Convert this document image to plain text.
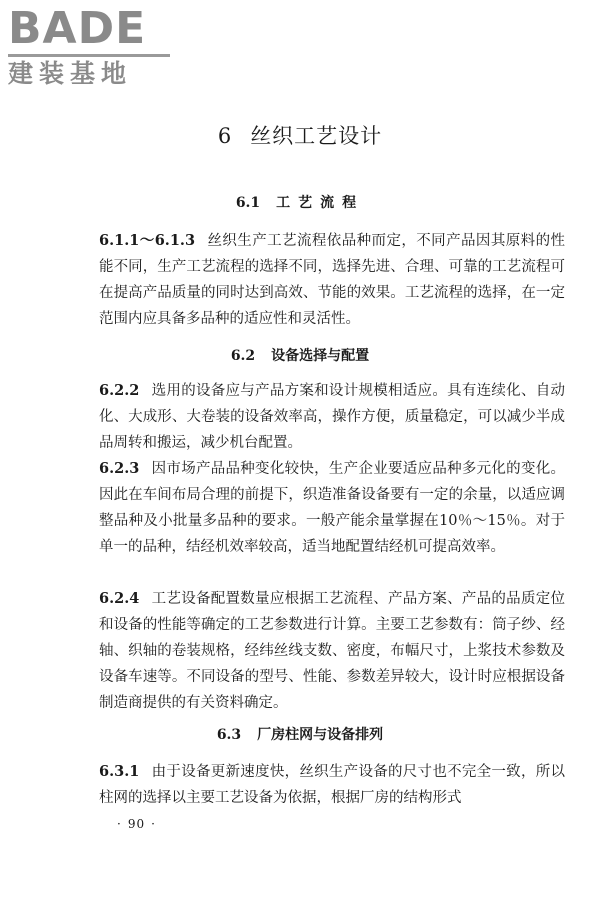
BADE
建装基地
6 丝织工艺设计
6.1 工艺流程

6.1.1～6.1.3 丝织生产工艺流程依品种而定，不同产品因其原料的性能不同，生产工艺流程的选择不同，选择先进、合理、可靠的工艺流程可在提高产品质量的同时达到高效、节能的效果。工艺流程的选择，在一定范围内应具备多品种的适应性和灵活性。

6.2 设备选择与配置

6.2.2 选用的设备应与产品方案和设计规模相适应。具有连续化、自动化、大成形、大卷装的设备效率高，操作方便，质量稳定，可以减少半成品周转和搬运，减少机台配置。

6.2.3 因市场产品品种变化较快，生产企业要适应品种多元化的变化。因此在车间布局合理的前提下，织造准备设备要有一定的余量，以适应调整品种及小批量多品种的要求。一般产能余量掌握在10％～15％。对于单一的品种，结经机效率较高，适当地配置结经机可提高效率。

6.2.4 工艺设备配置数量应根据工艺流程、产品方案、产品的品质定位和设备的性能等确定的工艺参数进行计算。主要工艺参数有：筒子纱、经轴、织轴的卷装规格，经纬丝线支数、密度，布幅尺寸，上浆技术参数及设备车速等。不同设备的型号、性能、参数差异较大，设计时应根据设备制造商提供的有关资料确定。

6.3 厂房柱网与设备排列

6.3.1 由于设备更新速度快，丝织生产设备的尺寸也不完全一致，所以柱网的选择以主要工艺设备为依据，根据厂房的结构形式

· 90 ·
